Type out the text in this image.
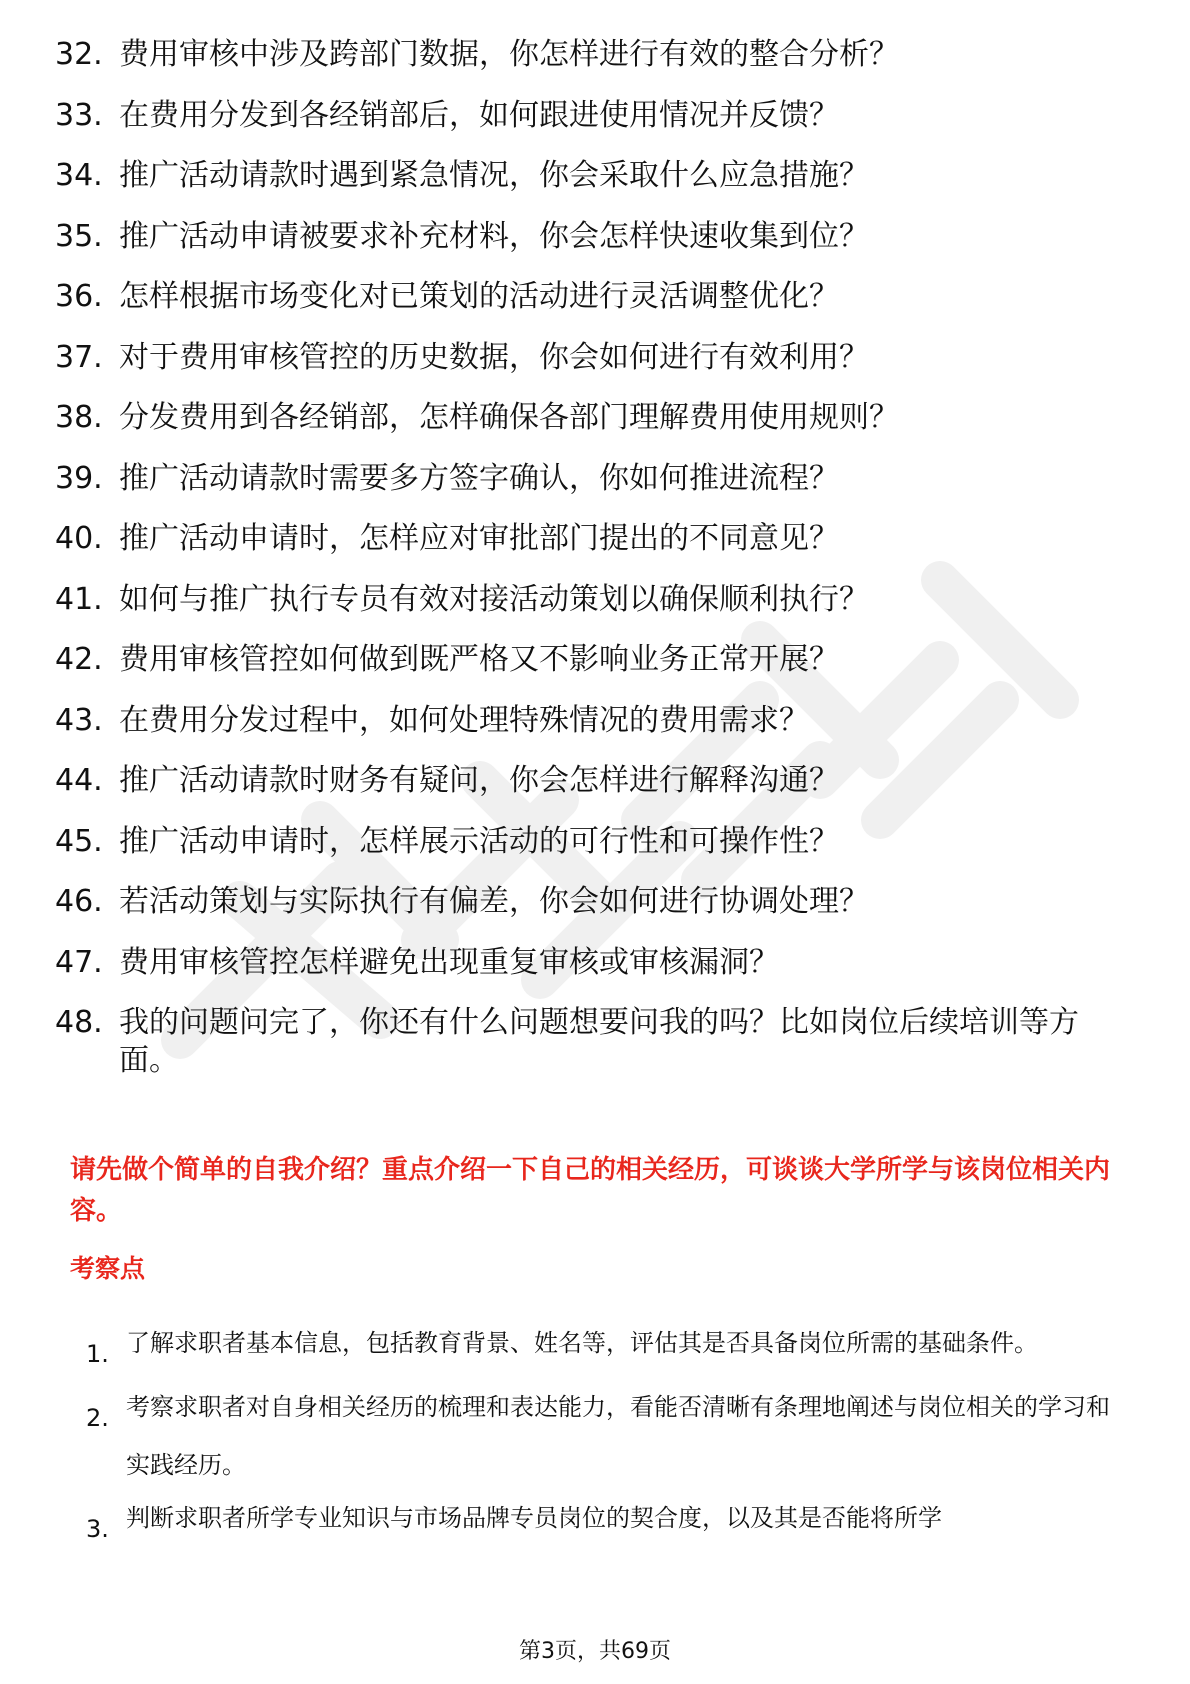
32. 费用审核中涉及跨部门数据，你怎样进行有效的整合分析？
33. 在费用分发到各经销部后，如何跟进使用情况并反馈？
34. 推广活动请款时遇到紧急情况，你会采取什么应急措施？
35. 推广活动申请被要求补充材料，你会怎样快速收集到位？
36. 怎样根据市场变化对已策划的活动进行灵活调整优化？
37. 对于费用审核管控的历史数据，你会如何进行有效利用？
38. 分发费用到各经销部，怎样确保各部门理解费用使用规则？
39. 推广活动请款时需要多方签字确认，你如何推进流程？
40. 推广活动申请时，怎样应对审批部门提出的不同意见？
41. 如何与推广执行专员有效对接活动策划以确保顺利执行？
42. 费用审核管控如何做到既严格又不影响业务正常开展？
43. 在费用分发过程中，如何处理特殊情况的费用需求？
44. 推广活动请款时财务有疑问，你会怎样进行解释沟通？
45. 推广活动申请时，怎样展示活动的可行性和可操作性？
46. 若活动策划与实际执行有偏差，你会如何进行协调处理？
47. 费用审核管控怎样避免出现重复审核或审核漏洞？
48. 我的问题问完了，你还有什么问题想要问我的吗？比如岗位后续培训等方面。
请先做个简单的自我介绍？重点介绍一下自己的相关经历，可谈谈大学所学与该岗位相关内容。
考察点
1. 了解求职者基本信息，包括教育背景、姓名等，评估其是否具备岗位所需的基础条件。
2. 考察求职者对自身相关经历的梳理和表达能力，看能否清晰有条理地阐述与岗位相关的学习和实践经历。
3. 判断求职者所学专业知识与市场品牌专员岗位的契合度，以及其是否能将所学
第3页，共69页
